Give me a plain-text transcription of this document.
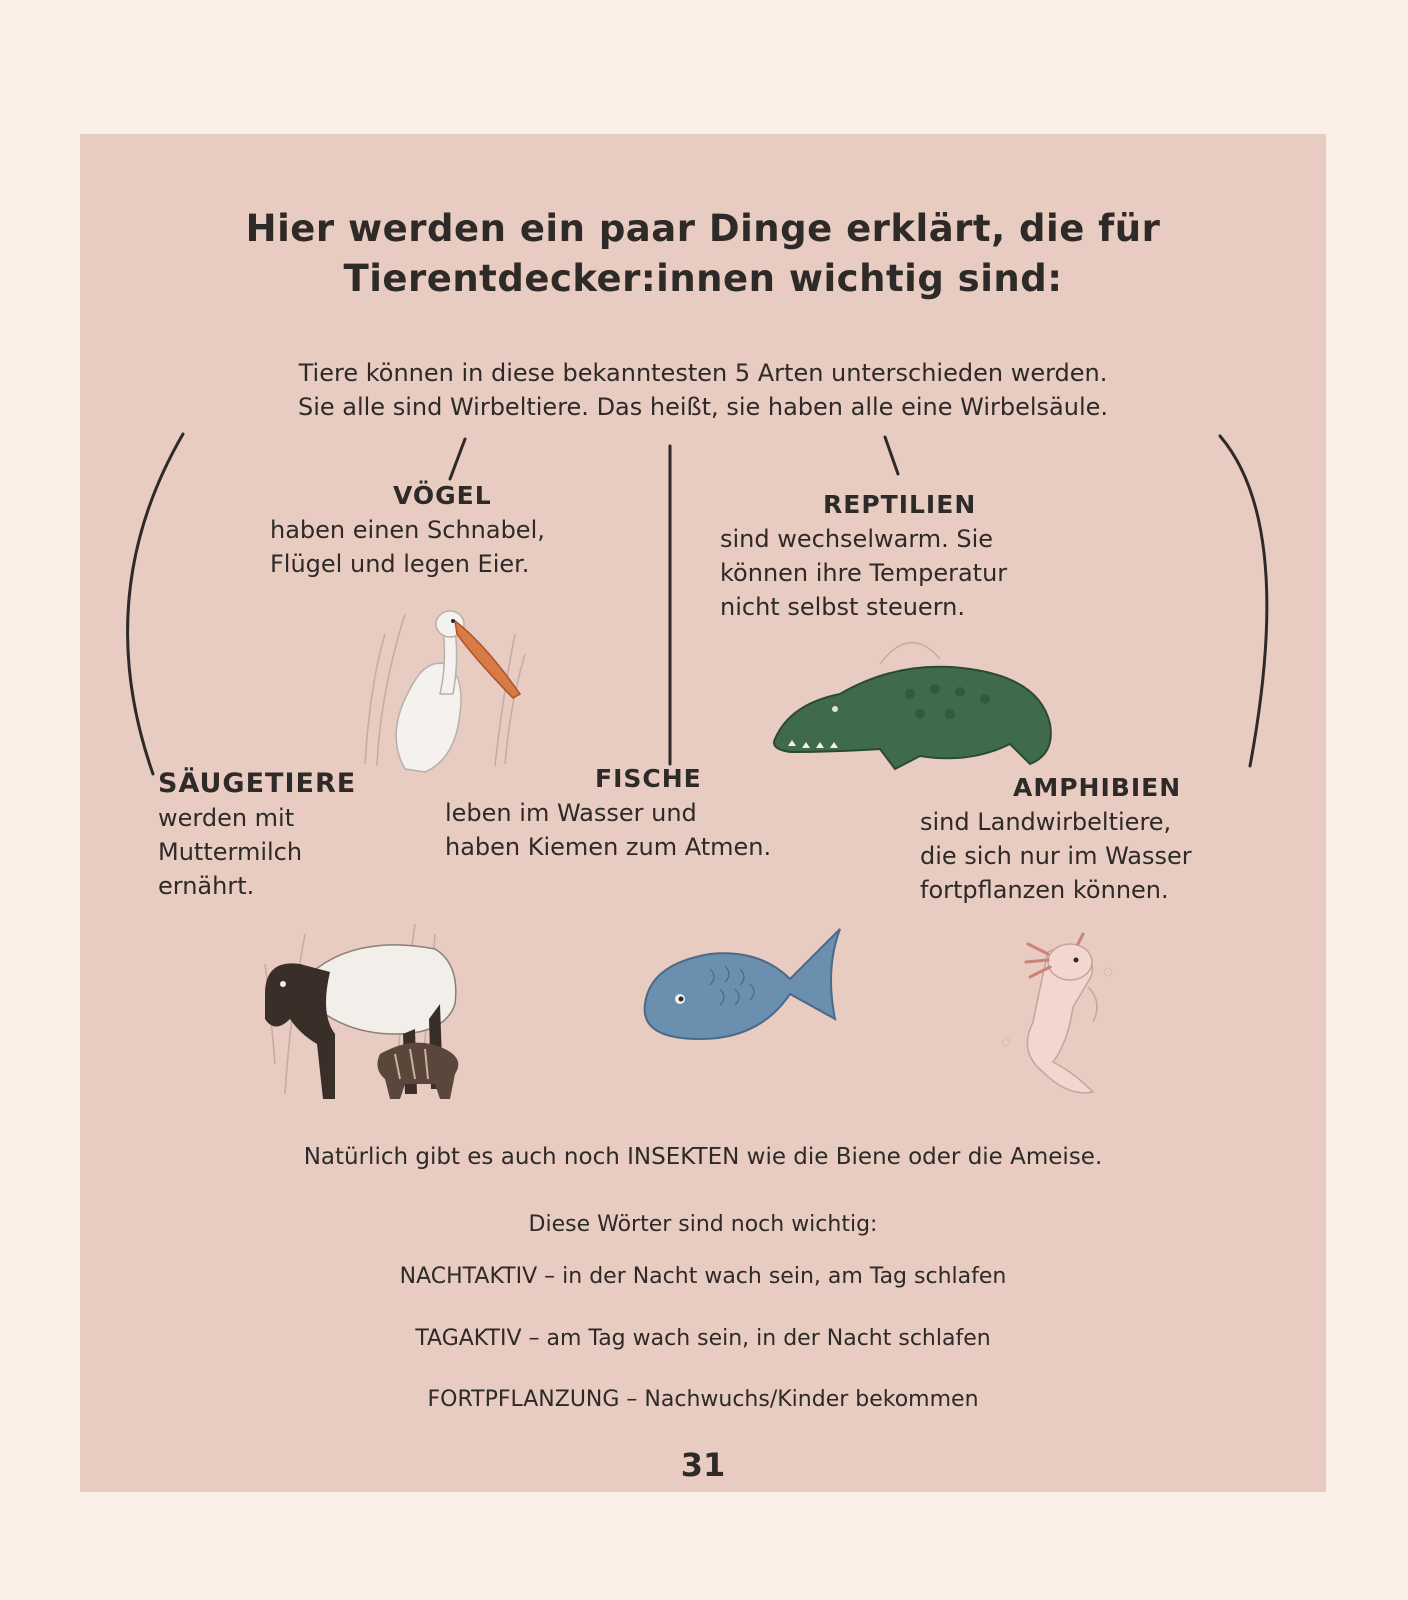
Hier werden ein paar Dinge erklärt, die für
Tierentdecker:innen wichtig sind:
Tiere können in diese bekanntesten 5 Arten unterschieden werden.
Sie alle sind Wirbeltiere. Das heißt, sie haben alle eine Wirbelsäule.
VÖGEL
haben einen Schnabel,
Flügel und legen Eier.
REPTILIEN
sind wechselwarm. Sie
können ihre Temperatur
nicht selbst steuern.
SÄUGETIERE
werden mit
Muttermilch
ernährt.
FISCHE
leben im Wasser und
haben Kiemen zum Atmen.
AMPHIBIEN
sind Landwirbeltiere,
die sich nur im Wasser
fortpflanzen können.
Natürlich gibt es auch noch INSEKTEN wie die Biene oder die Ameise.
Diese Wörter sind noch wichtig:
NACHTAKTIV – in der Nacht wach sein, am Tag schlafen
TAGAKTIV – am Tag wach sein, in der Nacht schlafen
FORTPFLANZUNG – Nachwuchs/Kinder bekommen
31
